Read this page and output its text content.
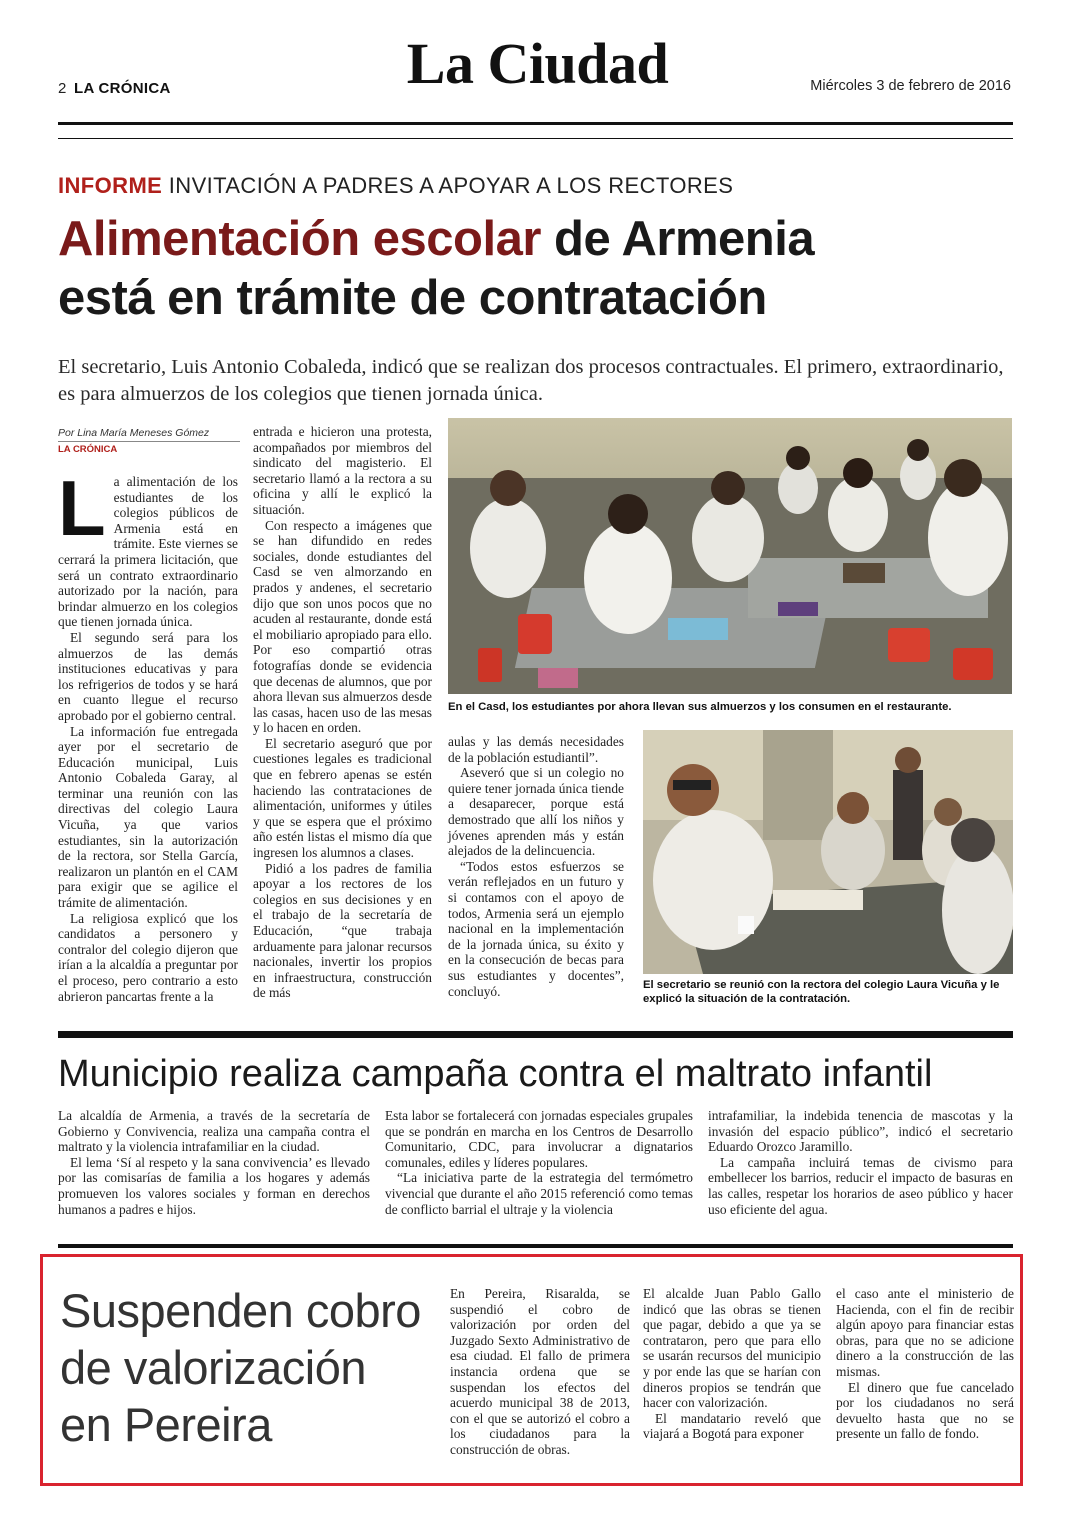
2 LA CRÓNICA	La Ciudad	Miércoles 3 de febrero de 2016
INFORME INVITACIÓN A PADRES A APOYAR A LOS RECTORES
Alimentación escolar de Armenia
está en trámite de contratación
El secretario, Luis Antonio Cobaleda, indicó que se realizan dos procesos contractuales. El primero, extraordinario, es para almuerzos de los colegios que tienen jornada única.
Por Lina María Meneses Gómez
LA CRÓNICA
L a alimentación de los estudiantes de los colegios públicos de Armenia está en trámite. Este viernes se cerrará la primera licitación, que será un contrato extraordinario autorizado por la nación, para brindar almuerzo en los colegios que tienen jornada única.

El segundo será para los almuerzos de las demás instituciones educativas y para los refrigerios de todos y se hará en cuanto llegue el recurso aprobado por el gobierno central.

La información fue entregada ayer por el secretario de Educación municipal, Luis Antonio Cobaleda Garay, al terminar una reunión con las directivas del colegio Laura Vicuña, ya que varios estudiantes, sin la autorización de la rectora, sor Stella García, realizaron un plantón en el CAM para exigir que se agilice el trámite de alimentación.

La religiosa explicó que los candidatos a personero y contralor del colegio dijeron que irían a la alcaldía a preguntar por el proceso, pero contrario a esto abrieron pancartas frente a la

entrada e hicieron una protesta, acompañados por miembros del sindicato del magisterio. El secretario llamó a la rectora a su oficina y allí le explicó la situación.

Con respecto a imágenes que se han difundido en redes sociales, donde estudiantes del Casd se ven almorzando en prados y andenes, el secretario dijo que son unos pocos que no acuden al restaurante, donde está el mobiliario apropiado para ello. Por eso compartió otras fotografías donde se evidencia que decenas de alumnos, que por ahora llevan sus almuerzos desde las casas, hacen uso de las mesas y lo hacen en orden.

El secretario aseguró que por cuestiones legales es tradicional que en febrero apenas se estén haciendo las contrataciones de alimentación, uniformes y útiles y que se espera que el próximo año estén listas el mismo día que ingresen los alumnos a clases.

Pidió a los padres de familia apoyar a los rectores de los colegios en sus decisiones y en el trabajo de la secretaría de Educación, “que trabaja arduamente para jalonar recursos nacionales, invertir los propios en infraestructura, construcción de más

En el Casd, los estudiantes por ahora llevan sus almuerzos y los consumen en el restaurante.

aulas y las demás necesidades de la población estudiantil”.

Aseveró que si un colegio no quiere tener jornada única tiende a desaparecer, porque está demostrado que allí los niños y jóvenes aprenden más y están alejados de la delincuencia.

“Todos estos esfuerzos se verán reflejados en un futuro y si contamos con el apoyo de todos, Armenia será un ejemplo nacional en la implementación de la jornada única, su éxito y en la consecución de becas para sus estudiantes y docentes”, concluyó.	El secretario se reunió con la rectora del colegio Laura Vicuña y le explicó la situación de la contratación.
Municipio realiza campaña contra el maltrato infantil

La alcaldía de Armenia, a través de la secretaría de Gobierno y Convivencia, realiza una campaña contra el maltrato y la violencia intrafamiliar en la ciudad.

El lema ‘Sí al respeto y la sana convivencia’ es llevado por las comisarías de familia a los hogares y además promueven los valores sociales y forman en derechos humanos a padres e hijos.

Esta labor se fortalecerá con jornadas especiales grupales que se pondrán en marcha en los Centros de Desarrollo Comunitario, CDC, para involucrar a dignatarios comunales, ediles y líderes populares.

“La iniciativa parte de la estrategia del termómetro vivencial que durante el año 2015 referenció como temas de conflicto barrial el ultraje y la violencia

intrafamiliar, la indebida tenencia de mascotas y la invasión del espacio público”, indicó el secretario Eduardo Orozco Jaramillo.

La campaña incluirá temas de civismo para embellecer los barrios, reducir el impacto de basuras en las calles, respetar los horarios de aseo público y hacer uso eficiente del agua.

Suspenden cobro
de valorización
en Pereira

En Pereira, Risaralda, se suspendió el cobro de valorización por orden del Juzgado Sexto Administrativo de esa ciudad. El fallo de primera instancia ordena que se suspendan los efectos del acuerdo municipal 38 de 2013, con el que se autorizó el cobro a los ciudadanos para la construcción de obras.

El alcalde Juan Pablo Gallo indicó que las obras se tienen que pagar, debido a que ya se contrataron, pero que para ello se usarán recursos del municipio y por ende las que se harían con dineros propios se tendrán que hacer con valorización.

El mandatario reveló que viajará a Bogotá para exponer

el caso ante el ministerio de Hacienda, con el fin de recibir algún apoyo para financiar estas obras, para que no se adicione dinero a la construcción de las mismas.

El dinero que fue cancelado por los ciudadanos no será devuelto hasta que no se presente un fallo de fondo.
